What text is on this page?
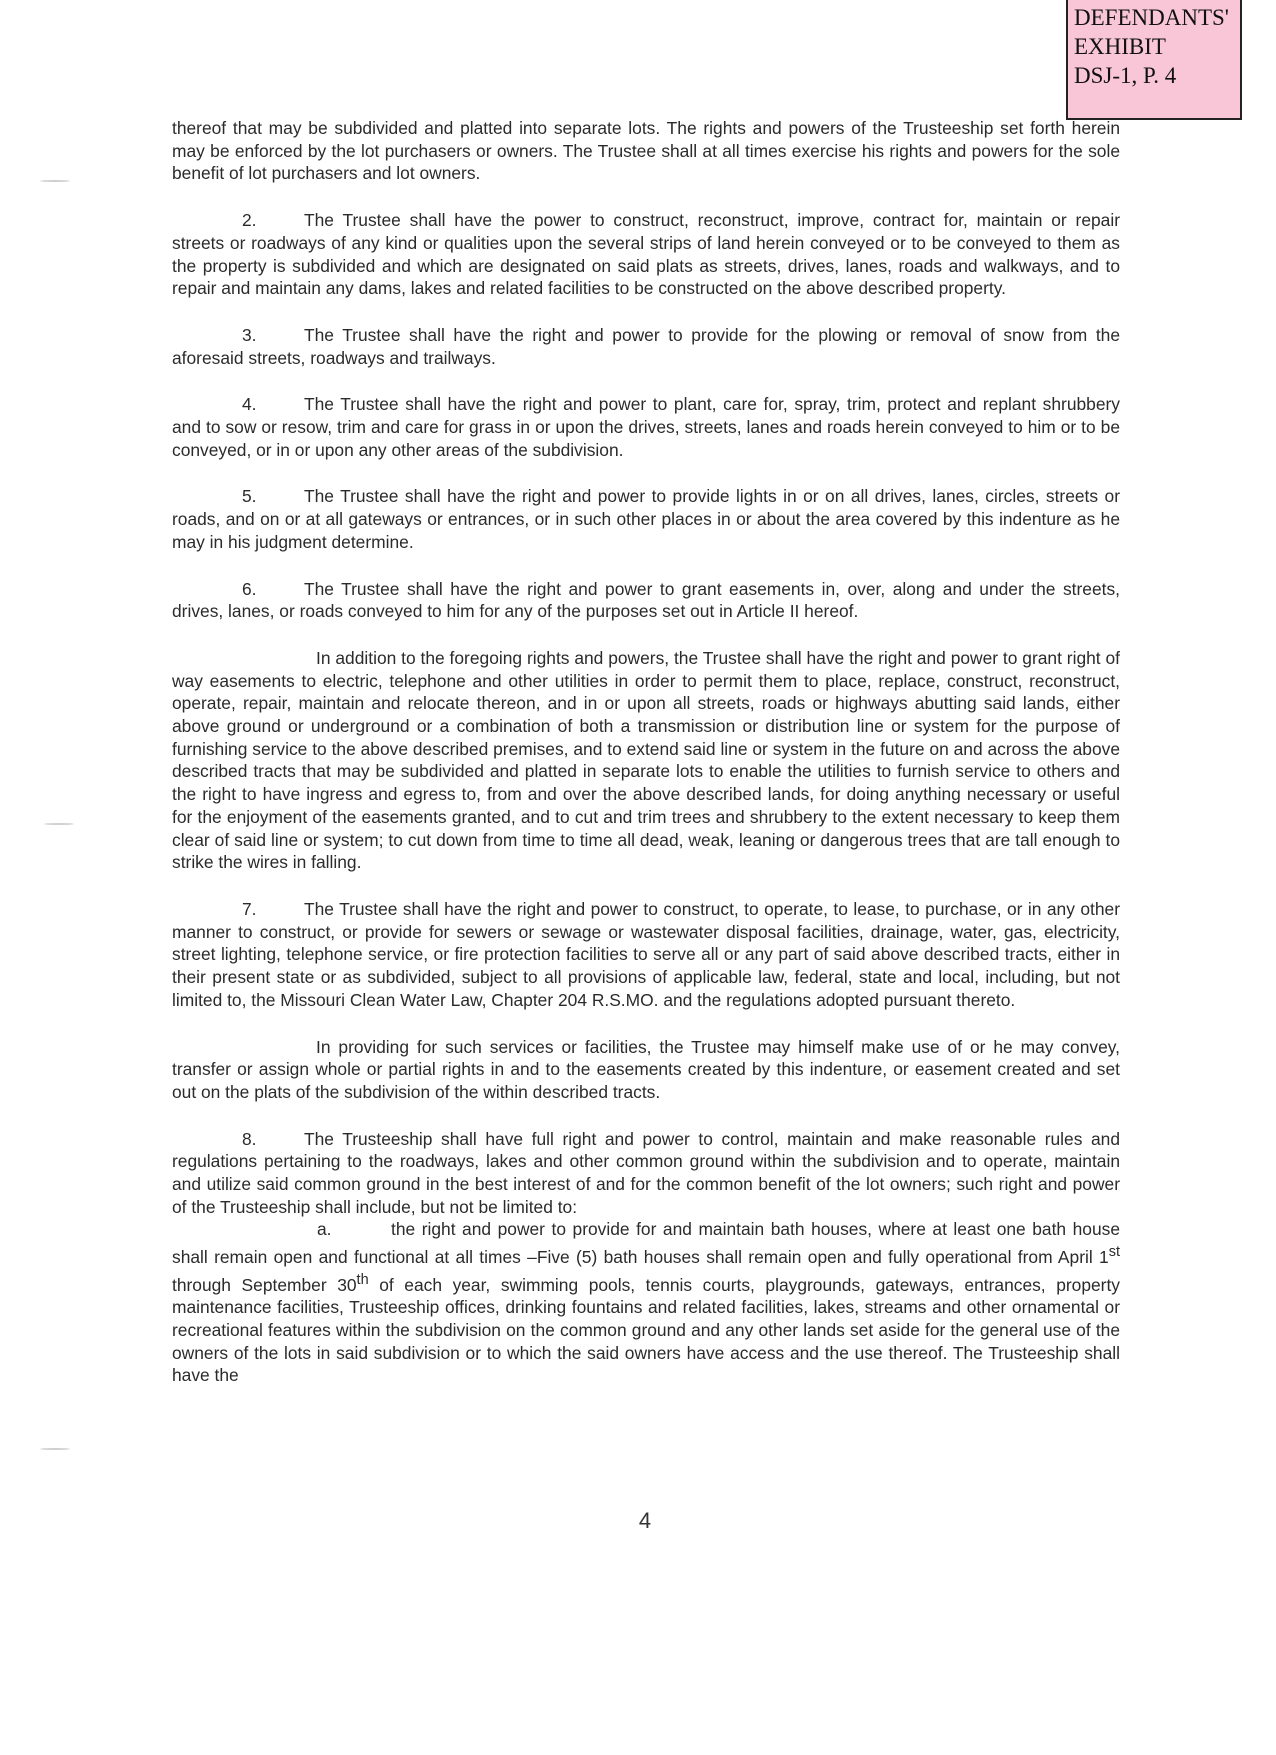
DEFENDANTS'
EXHIBIT
DSJ-1, P. 4

thereof that may be subdivided and platted into separate lots. The rights and powers of the Trusteeship set forth herein may be enforced by the lot purchasers or owners. The Trustee shall at all times exercise his rights and powers for the sole benefit of lot purchasers and lot owners.

2.	The Trustee shall have the power to construct, reconstruct, improve, contract for, maintain or repair streets or roadways of any kind or qualities upon the several strips of land herein conveyed or to be conveyed to them as the property is subdivided and which are designated on said plats as streets, drives, lanes, roads and walkways, and to repair and maintain any dams, lakes and related facilities to be constructed on the above described property.

3.	The Trustee shall have the right and power to provide for the plowing or removal of snow from the aforesaid streets, roadways and trailways.

4.	The Trustee shall have the right and power to plant, care for, spray, trim, protect and replant shrubbery and to sow or resow, trim and care for grass in or upon the drives, streets, lanes and roads herein conveyed to him or to be conveyed, or in or upon any other areas of the subdivision.

5.	The Trustee shall have the right and power to provide lights in or on all drives, lanes, circles, streets or roads, and on or at all gateways or entrances, or in such other places in or about the area covered by this indenture as he may in his judgment determine.

6.	The Trustee shall have the right and power to grant easements in, over, along and under the streets, drives, lanes, or roads conveyed to him for any of the purposes set out in Article II hereof.

In addition to the foregoing rights and powers, the Trustee shall have the right and power to grant right of way easements to electric, telephone and other utilities in order to permit them to place, replace, construct, reconstruct, operate, repair, maintain and relocate thereon, and in or upon all streets, roads or highways abutting said lands, either above ground or underground or a combination of both a transmission or distribution line or system for the purpose of furnishing service to the above described premises, and to extend said line or system in the future on and across the above described tracts that may be subdivided and platted in separate lots to enable the utilities to furnish service to others and the right to have ingress and egress to, from and over the above described lands, for doing anything necessary or useful for the enjoyment of the easements granted, and to cut and trim trees and shrubbery to the extent necessary to keep them clear of said line or system; to cut down from time to time all dead, weak, leaning or dangerous trees that are tall enough to strike the wires in falling.

7.	The Trustee shall have the right and power to construct, to operate, to lease, to purchase, or in any other manner to construct, or provide for sewers or sewage or wastewater disposal facilities, drainage, water, gas, electricity, street lighting, telephone service, or fire protection facilities to serve all or any part of said above described tracts, either in their present state or as subdivided, subject to all provisions of applicable law, federal, state and local, including, but not limited to, the Missouri Clean Water Law, Chapter 204 R.S.MO. and the regulations adopted pursuant thereto.

In providing for such services or facilities, the Trustee may himself make use of or he may convey, transfer or assign whole or partial rights in and to the easements created by this indenture, or easement created and set out on the plats of the subdivision of the within described tracts.

8.	The Trusteeship shall have full right and power to control, maintain and make reasonable rules and regulations pertaining to the roadways, lakes and other common ground within the subdivision and to operate, maintain and utilize said common ground in the best interest of and for the common benefit of the lot owners; such right and power of the Trusteeship shall include, but not be limited to:

a.	the right and power to provide for and maintain bath houses, where at least one bath house shall remain open and functional at all times –Five (5) bath houses shall remain open and fully operational from April 1st through September 30th of each year, swimming pools, tennis courts, playgrounds, gateways, entrances, property maintenance facilities, Trusteeship offices, drinking fountains and related facilities, lakes, streams and other ornamental or recreational features within the subdivision on the common ground and any other lands set aside for the general use of the owners of the lots in said subdivision or to which the said owners have access and the use thereof. The Trusteeship shall have the

4
